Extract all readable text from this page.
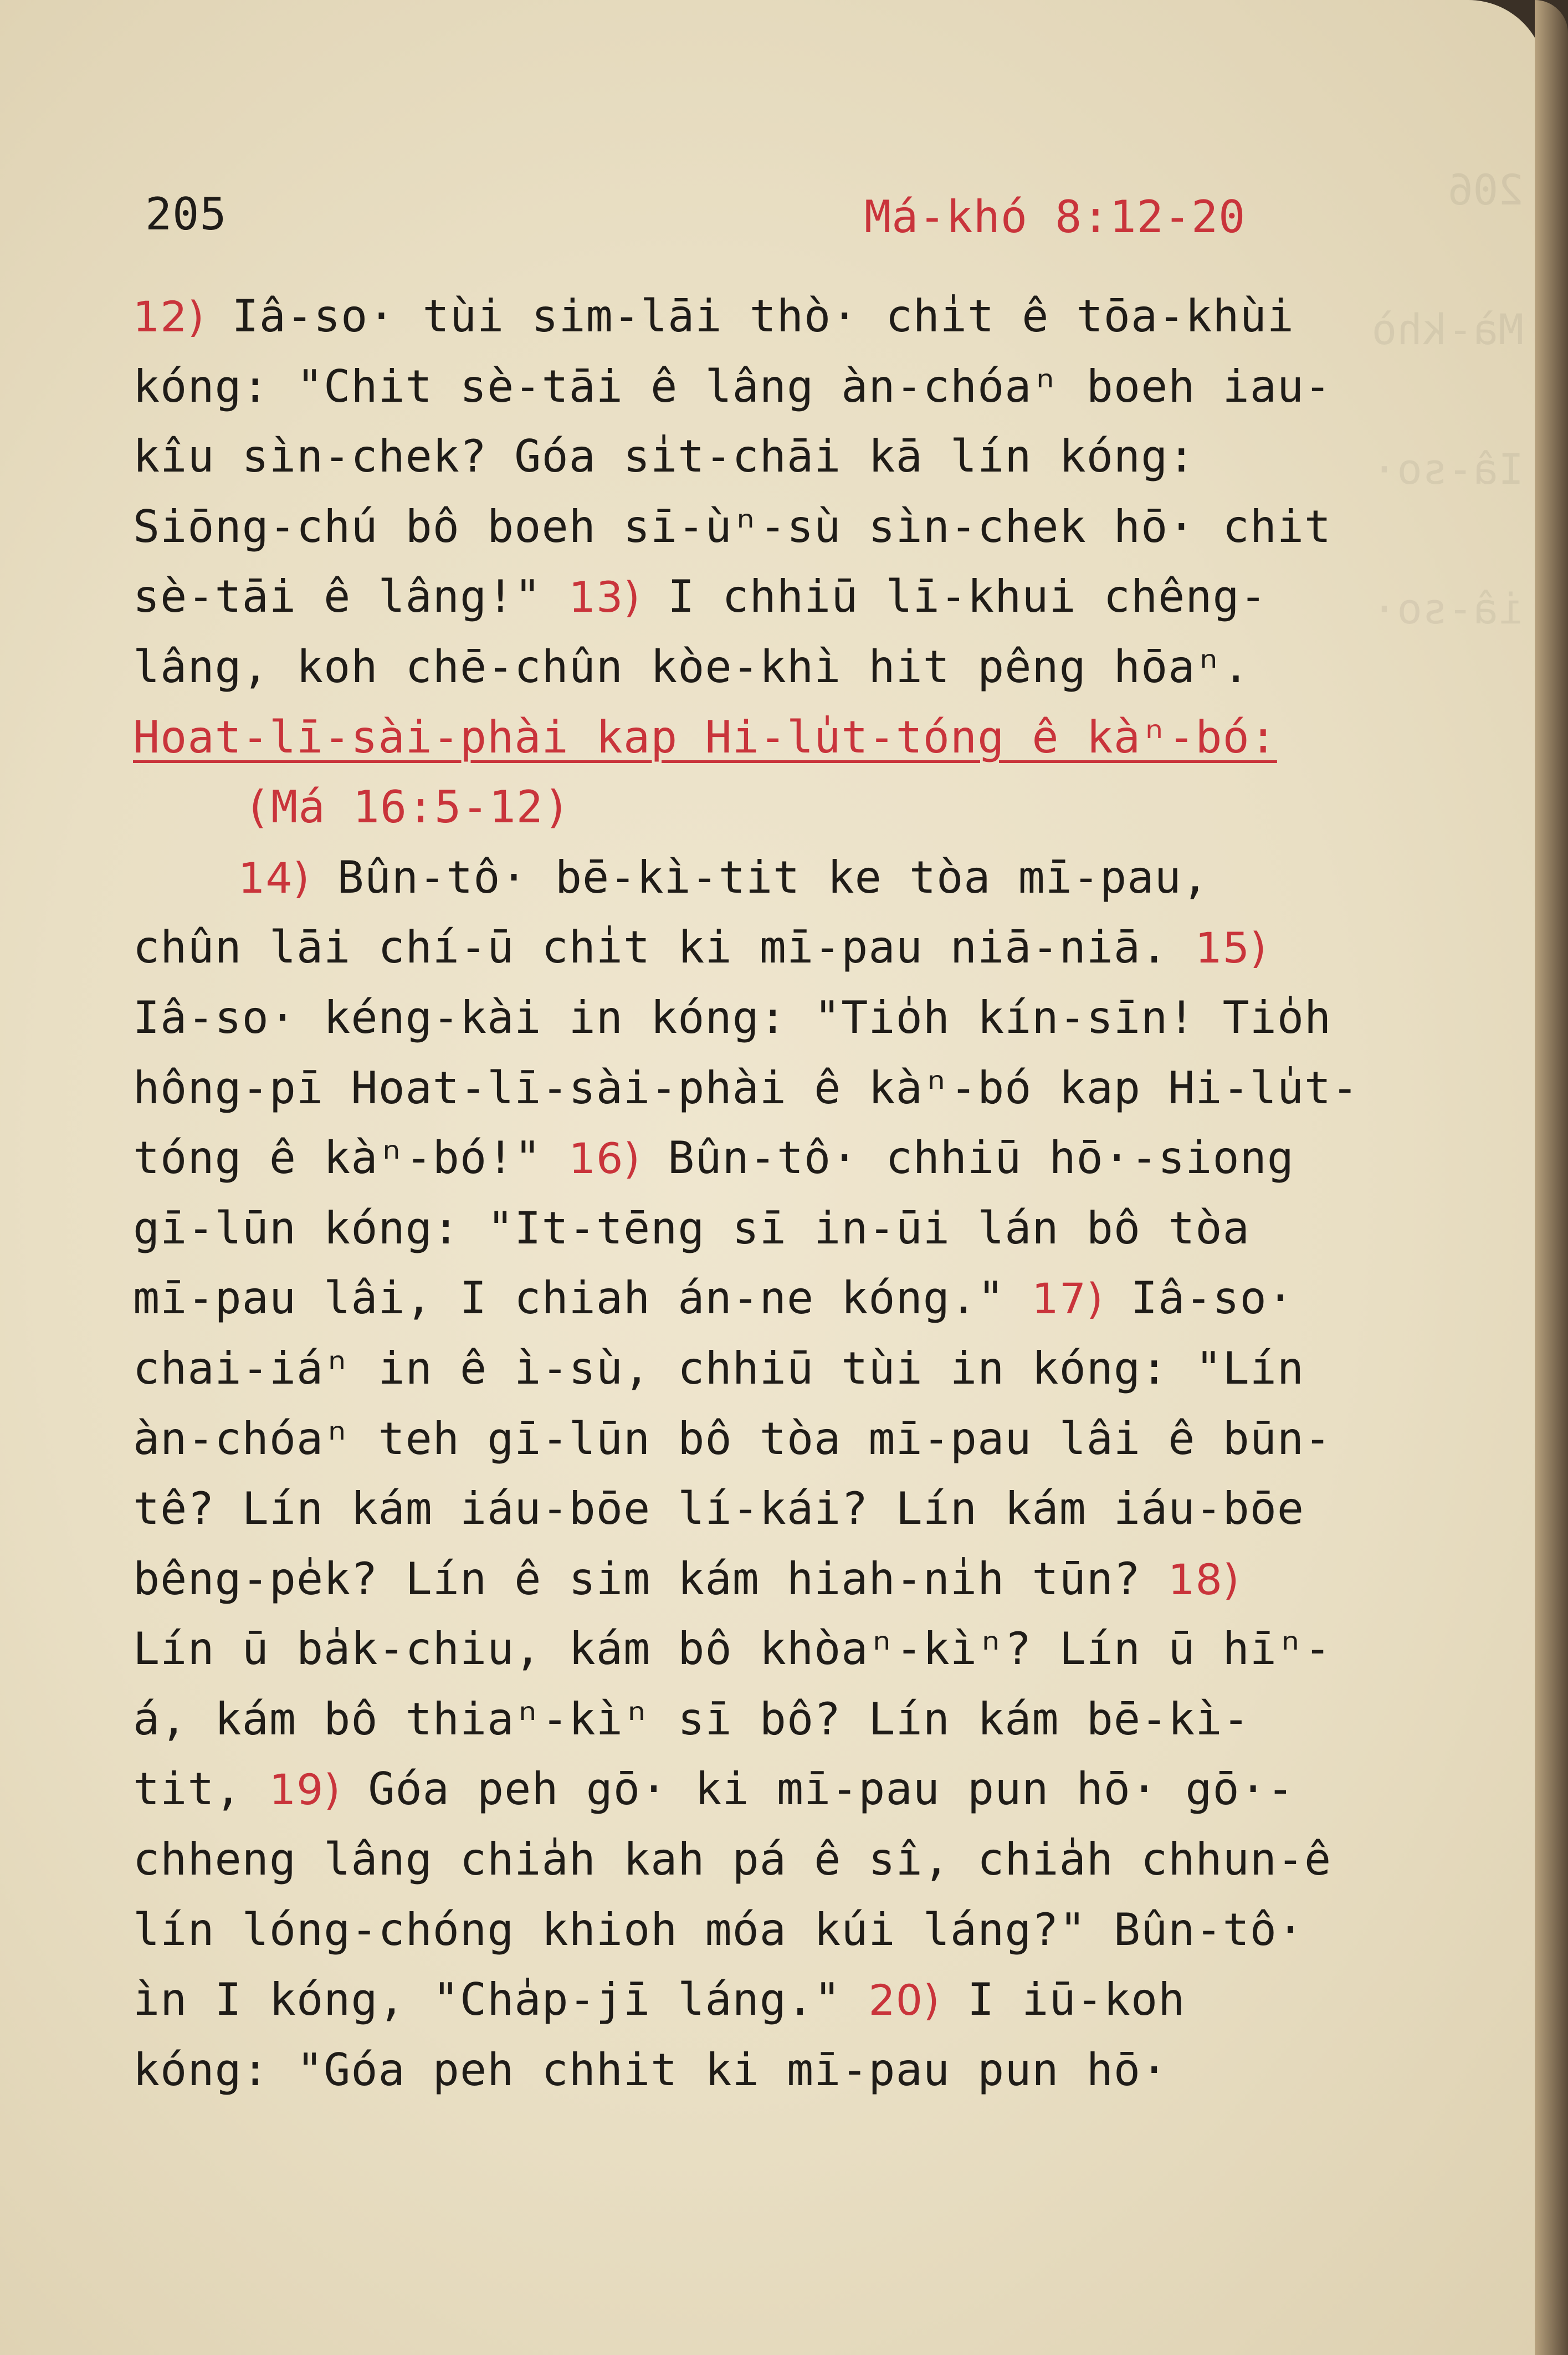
206

Mà-khò

Iâ-so·

iâ-so·

205	Má-khó 8:12-20
12) Iâ-so· tùi sim-lāi thò· chi̍t ê tōa-khùi
kóng: "Chit sè-tāi ê lâng àn-chóaⁿ boeh iau-
kîu sìn-chek? Góa si̍t-chāi kā lín kóng:
Siōng-chú bô boeh sī-ùⁿ-sù sìn-chek hō· chit
sè-tāi ê lâng!" 13) I chhiū lī-khui chêng-
lâng, koh chē-chûn kòe-khì hit pêng hōaⁿ.
Hoat-lī-sài-phài kap Hi-lu̍t-tóng ê kàⁿ-bó:
(Má 16:5-12)
14) Bûn-tô· bē-kì-tit ke tòa mī-pau,
chûn lāi chí-ū chi̍t ki mī-pau niā-niā. 15)
Iâ-so· kéng-kài in kóng: "Tio̍h kín-sīn! Tio̍h
hông-pī Hoat-lī-sài-phài ê kàⁿ-bó kap Hi-lu̍t-
tóng ê kàⁿ-bó!" 16) Bûn-tô· chhiū hō·-siong
gī-lūn kóng: "It-tēng sī in-ūi lán bô tòa
mī-pau lâi, I chiah án-ne kóng." 17) Iâ-so·
chai-iáⁿ in ê ì-sù, chhiū tùi in kóng: "Lín
àn-chóaⁿ teh gī-lūn bô tòa mī-pau lâi ê būn-
tê? Lín kám iáu-bōe lí-kái? Lín kám iáu-bōe
bêng-pe̍k? Lín ê sim kám hiah-ni̍h tūn? 18)
Lín ū ba̍k-chiu, kám bô khòaⁿ-kìⁿ? Lín ū hīⁿ-
á, kám bô thiaⁿ-kìⁿ sī bô? Lín kám bē-kì-
tit, 19) Góa peh gō· ki mī-pau pun hō· gō·-
chheng lâng chia̍h kah pá ê sî, chia̍h chhun-ê
lín lóng-chóng khioh móa kúi láng?" Bûn-tô·
ìn I kóng, "Cha̍p-jī láng." 20) I iū-koh
kóng: "Góa peh chhit ki mī-pau pun hō·
